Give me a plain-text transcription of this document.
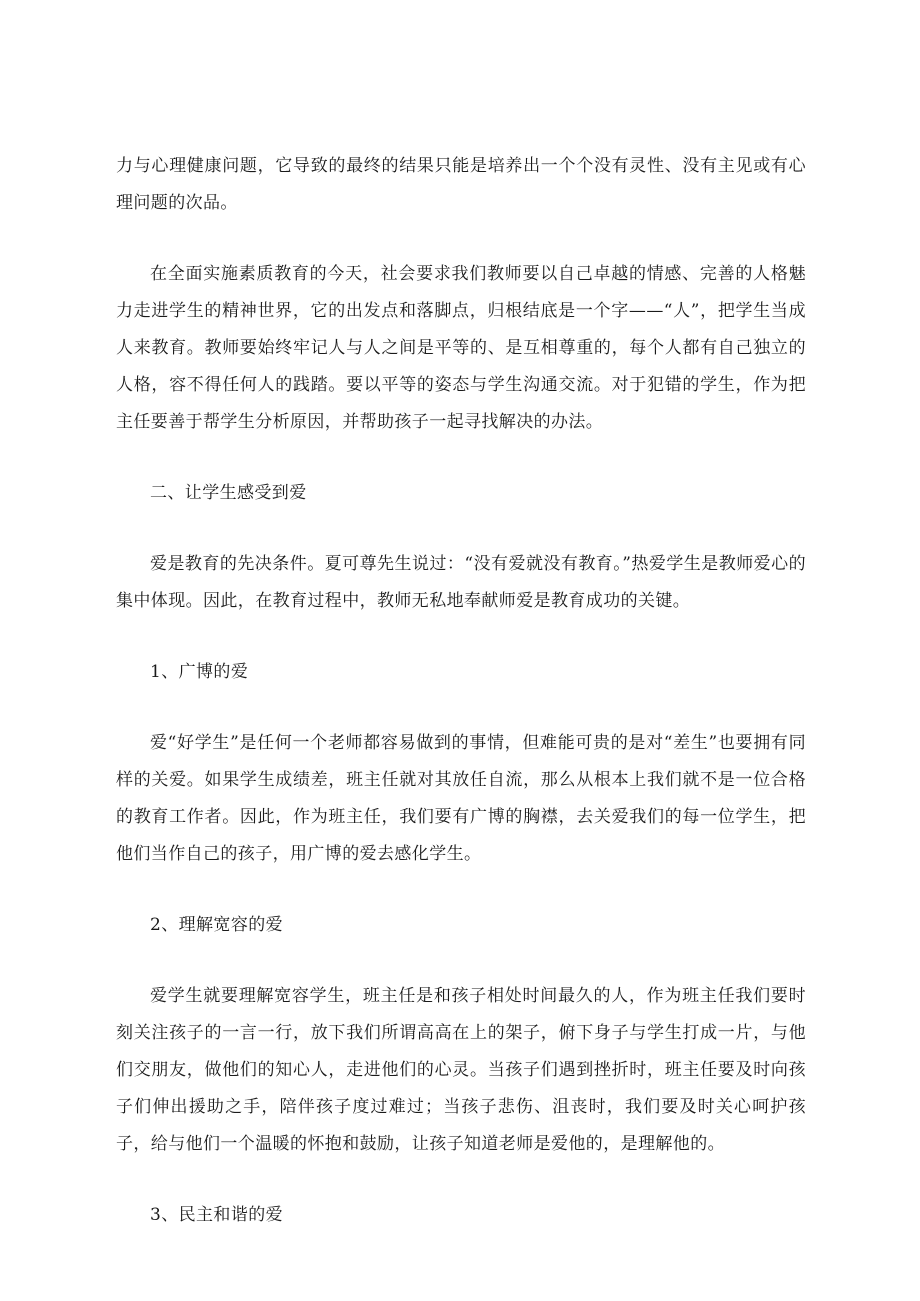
力与心理健康问题，它导致的最终的结果只能是培养出一个个没有灵性、没有主见或有心理问题的次品。

在全面实施素质教育的今天，社会要求我们教师要以自己卓越的情感、完善的人格魅力走进学生的精神世界，它的出发点和落脚点，归根结底是一个字——“人”，把学生当成人来教育。教师要始终牢记人与人之间是平等的、是互相尊重的，每个人都有自己独立的人格，容不得任何人的践踏。要以平等的姿态与学生沟通交流。对于犯错的学生，作为把主任要善于帮学生分析原因，并帮助孩子一起寻找解决的办法。

二、让学生感受到爱

爱是教育的先决条件。夏可尊先生说过：“没有爱就没有教育。”热爱学生是教师爱心的集中体现。因此，在教育过程中，教师无私地奉献师爱是教育成功的关键。

1、广博的爱

爱“好学生”是任何一个老师都容易做到的事情，但难能可贵的是对“差生”也要拥有同样的关爱。如果学生成绩差，班主任就对其放任自流，那么从根本上我们就不是一位合格的教育工作者。因此，作为班主任，我们要有广博的胸襟，去关爱我们的每一位学生，把他们当作自己的孩子，用广博的爱去感化学生。

2、理解宽容的爱

爱学生就要理解宽容学生，班主任是和孩子相处时间最久的人，作为班主任我们要时刻关注孩子的一言一行，放下我们所谓高高在上的架子，俯下身子与学生打成一片，与他们交朋友，做他们的知心人，走进他们的心灵。当孩子们遇到挫折时，班主任要及时向孩子们伸出援助之手，陪伴孩子度过难过；当孩子悲伤、沮丧时，我们要及时关心呵护孩子，给与他们一个温暖的怀抱和鼓励，让孩子知道老师是爱他的，是理解他的。

3、民主和谐的爱
